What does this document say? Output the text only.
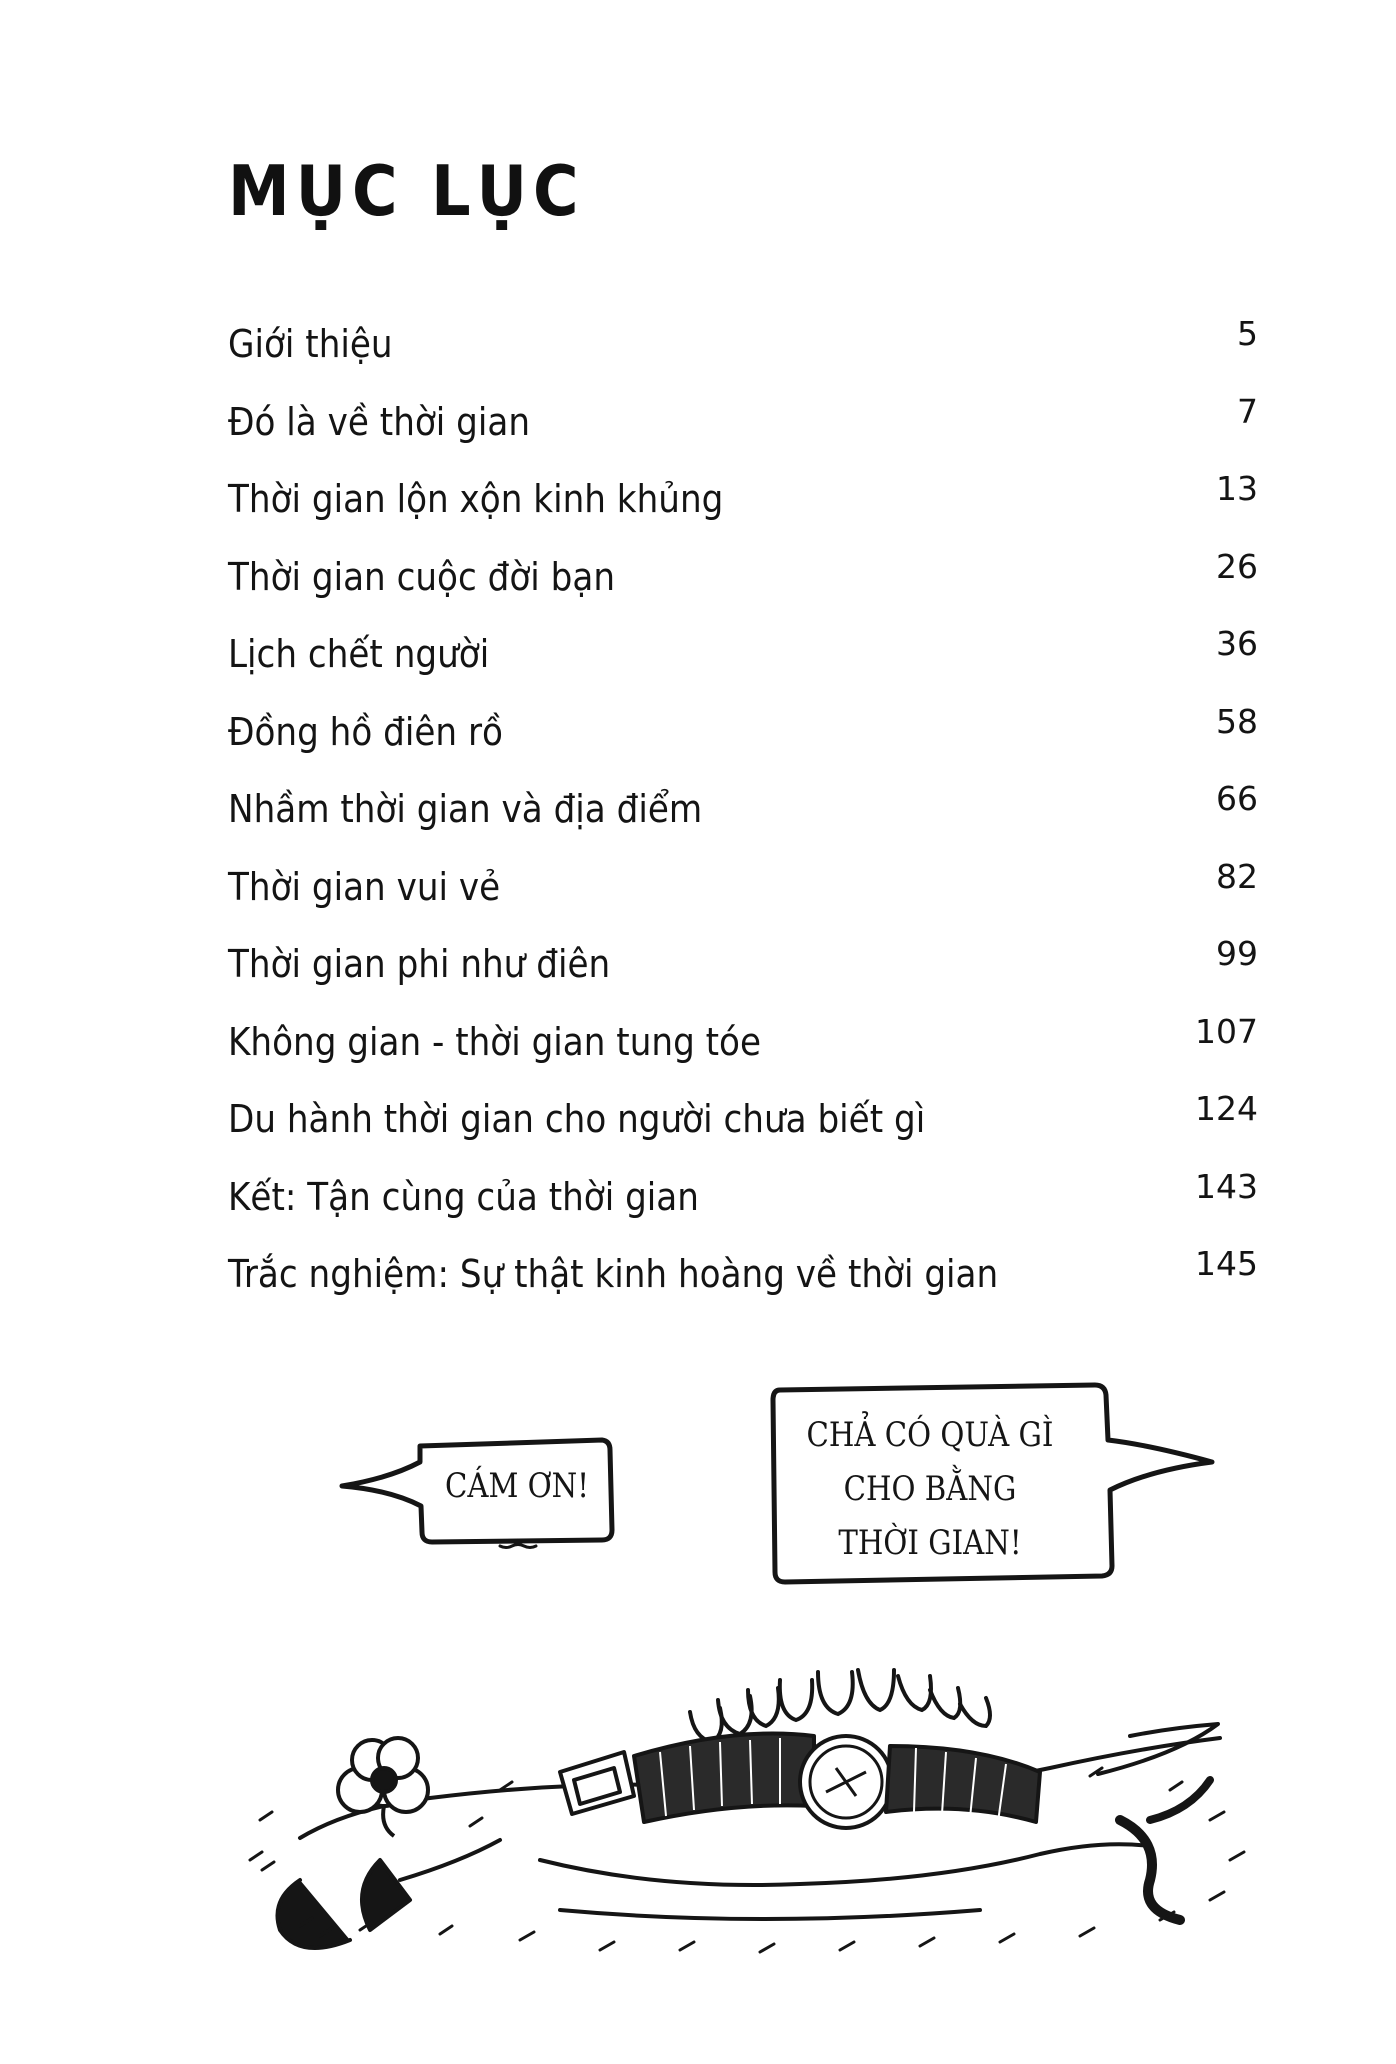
MỤC LỤC
Giới thiệu	5
Đó là về thời gian	7
Thời gian lộn xộn kinh khủng	13
Thời gian cuộc đời bạn	26
Lịch chết người	36
Đồng hồ điên rồ	58
Nhầm thời gian và địa điểm	66
Thời gian vui vẻ	82
Thời gian phi như điên	99
Không gian - thời gian tung tóe	107
Du hành thời gian cho người chưa biết gì	124
Kết: Tận cùng của thời gian	143
Trắc nghiệm: Sự thật kinh hoàng về thời gian	145
CÁM ƠN!
CHẢ CÓ QUÀ GÌ
CHO BẰNG
THỜI GIAN!
